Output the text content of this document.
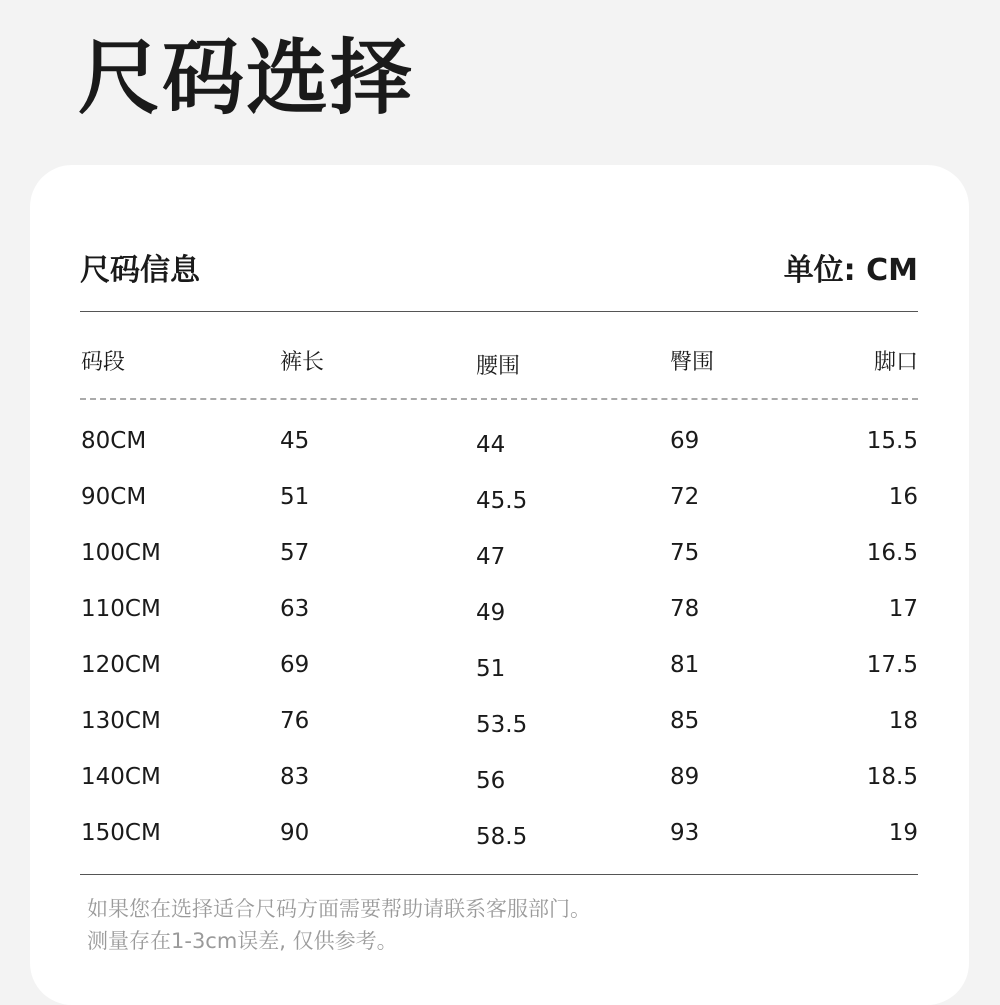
尺码选择
尺码信息	单位: CM
码段	裤长	腰围	臀围	脚口
80CM	45	44	69	15.5
90CM	51	45.5	72	16
100CM	57	47	75	16.5
110CM	63	49	78	17
120CM	69	51	81	17.5
130CM	76	53.5	85	18
140CM	83	56	89	18.5
150CM	90	58.5	93	19
如果您在选择适合尺码方面需要帮助请联系客服部门。
测量存在1-3cm误差, 仅供参考。
